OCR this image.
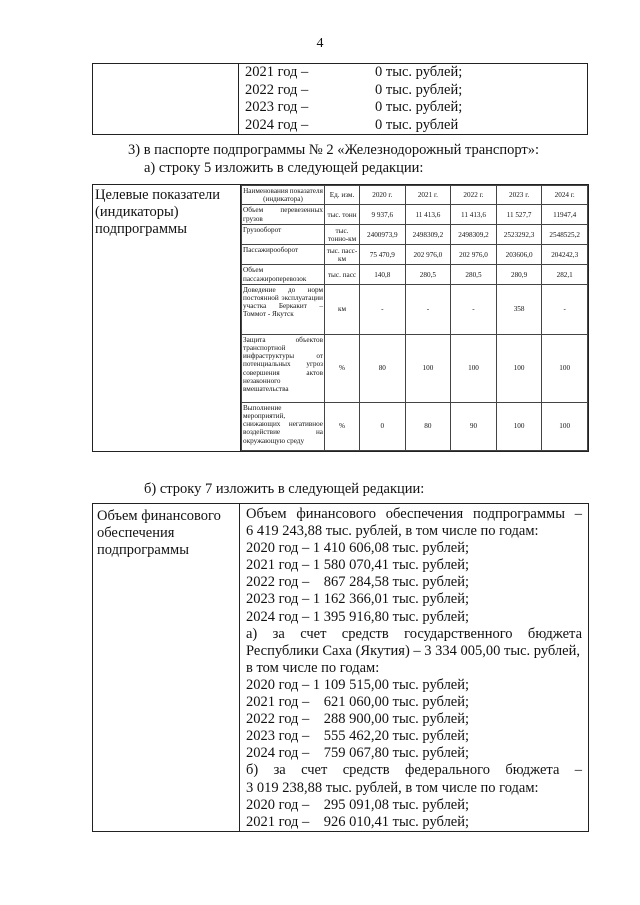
4

2021 год –	0 тыс. рублей;
2022 год –	0 тыс. рублей;
2023 год –	0 тыс. рублей;
2024 год –	0 тыс. рублей
3) в паспорте подпрограммы № 2 «Железнодорожный транспорт»:
а) строку 5 изложить в следующей редакции:
Целевые показатели (индикаторы) подпрограммы	
Наименования показателя (индикатора)	Ед. изм.	2020 г.	2021 г.	2022 г.	2023 г.	2024 г.
Объем перевезенных грузов	тыс. тонн	9 937,6	11 413,6	11 413,6	11 527,7	11947,4
Грузооборот	тыс. тонно-км	2400973,9	2498309,2	2498309,2	2523292,3	2548525,2
Пассажирооборот	тыс. пасс-км	75 470,9	202 976,0	202 976,0	203606,0	204242,3
Объем пассажироперевозок	тыс. пасс	140,8	280,5	280,5	280,9	282,1
Доведение до норм постоянной эксплуатации участка Беркакит – Томмот - Якутск	км	-	-	-	358	-
Защита объектов транспортной инфраструктуры от потенциальных угроз совершения актов незаконного вмешательства	%	80	100	100	100	100
Выполнение мероприятий, снижающих негативное воздействие на окружающую среду	%	0	80	90	100	100
б) строку 7 изложить в следующей редакции:
Объем финансового обеспечения подпрограммы	
Объем финансового обеспечения подпрограммы –
6 419 243,88 тыс. рублей, в том числе по годам:
2020 год – 1 410 606,08 тыс. рублей;
2021 год – 1 580 070,41 тыс. рублей;
2022 год –    867 284,58 тыс. рублей;
2023 год – 1 162 366,01 тыс. рублей;
2024 год – 1 395 916,80 тыс. рублей;
а) за счет средств государственного бюджета
Республики Саха (Якутия) – 3 334 005,00 тыс. рублей,
в том числе по годам:
2020 год – 1 109 515,00 тыс. рублей;
2021 год –    621 060,00 тыс. рублей;
2022 год –    288 900,00 тыс. рублей;
2023 год –    555 462,20 тыс. рублей;
2024 год –    759 067,80 тыс. рублей;
б) за счет средств федерального бюджета –
3 019 238,88 тыс. рублей, в том числе по годам:
2020 год –    295 091,08 тыс. рублей;
2021 год –    926 010,41 тыс. рублей;
